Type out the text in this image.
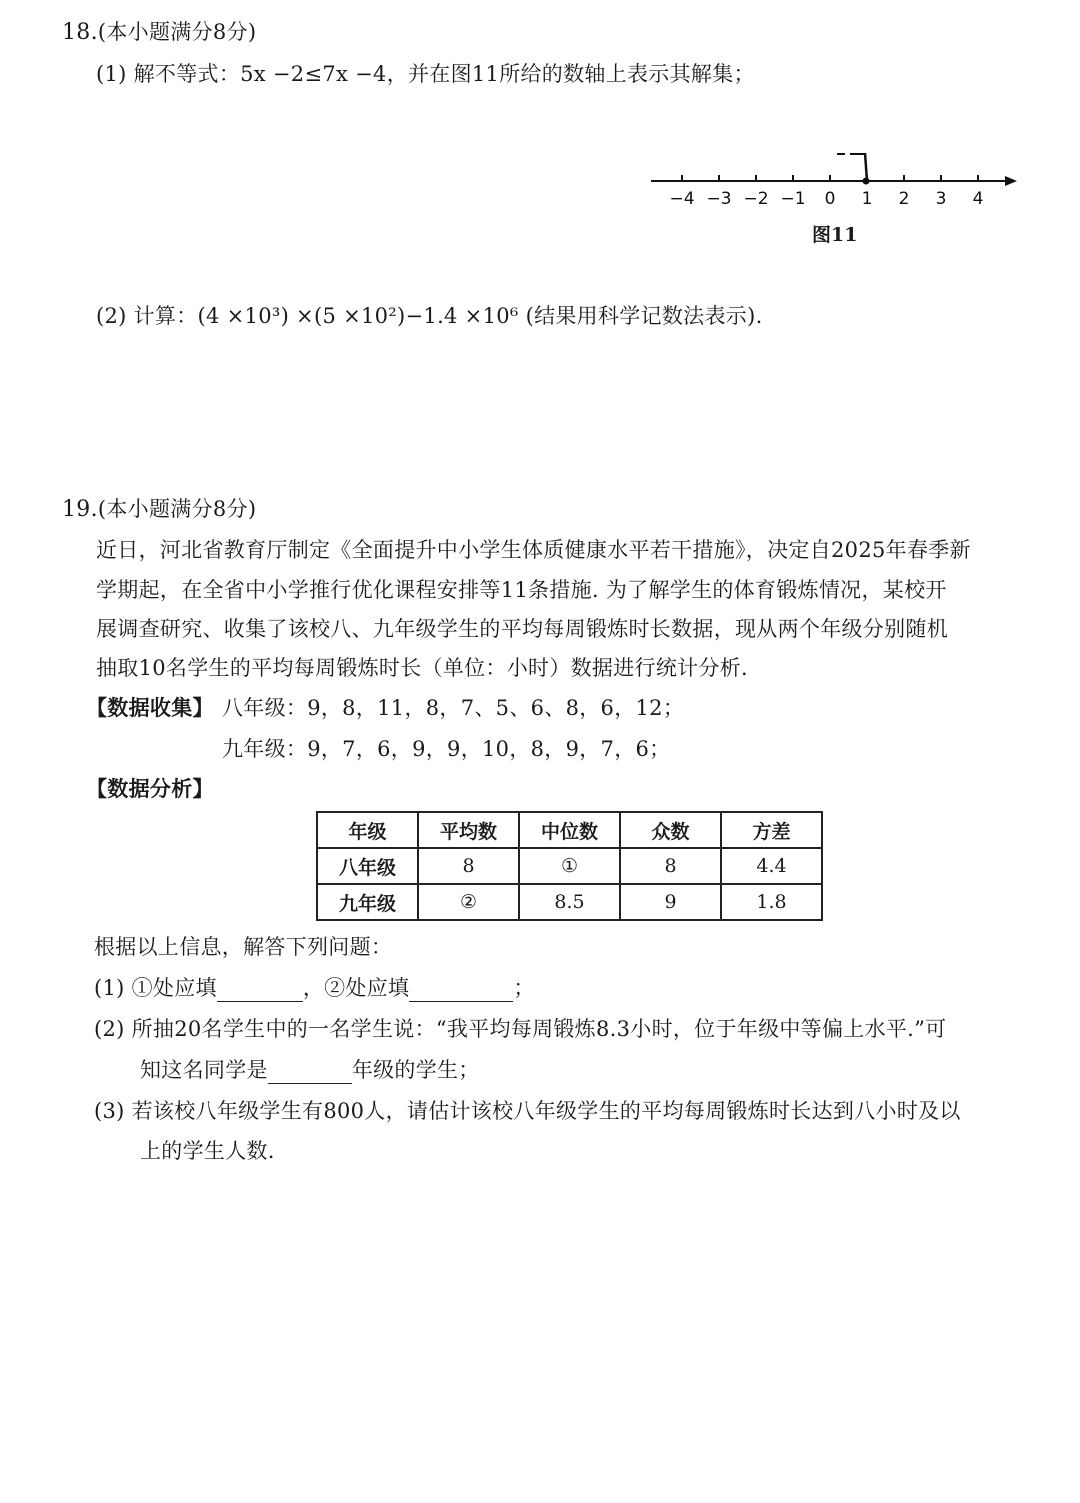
18.(本小题满分8分)
(1) 解不等式：5x −2≤7x −4，并在图11所给的数轴上表示其解集；
−4 −3 −2 −1 0 1 2 3 4
图11
(2) 计算：(4 ×10³) ×(5 ×10²)−1.4 ×10⁶ (结果用科学记数法表示).
19.(本小题满分8分)
近日，河北省教育厅制定《全面提升中小学生体质健康水平若干措施》，决定自2025年春季新
学期起，在全省中小学推行优化课程安排等11条措施. 为了解学生的体育锻炼情况，某校开
展调查研究、收集了该校八、九年级学生的平均每周锻炼时长数据，现从两个年级分别随机
抽取10名学生的平均每周锻炼时长（单位：小时）数据进行统计分析.
【数据收集】 八年级：9，8，11，8，7、5、6、8，6，12；
九年级：9，7，6，9，9，10，8，9，7，6；
【数据分析】
年级	平均数	中位数	众数	方差
八年级	8	①	8	4.4
九年级	②	8.5	9	1.8
根据以上信息，解答下列问题：
(1) ①处应填	，②处应填	；
(2) 所抽20名学生中的一名学生说：“我平均每周锻炼8.3小时，位于年级中等偏上水平.”可
知这名同学是	年级的学生；
(3) 若该校八年级学生有800人，请估计该校八年级学生的平均每周锻炼时长达到八小时及以
上的学生人数.
